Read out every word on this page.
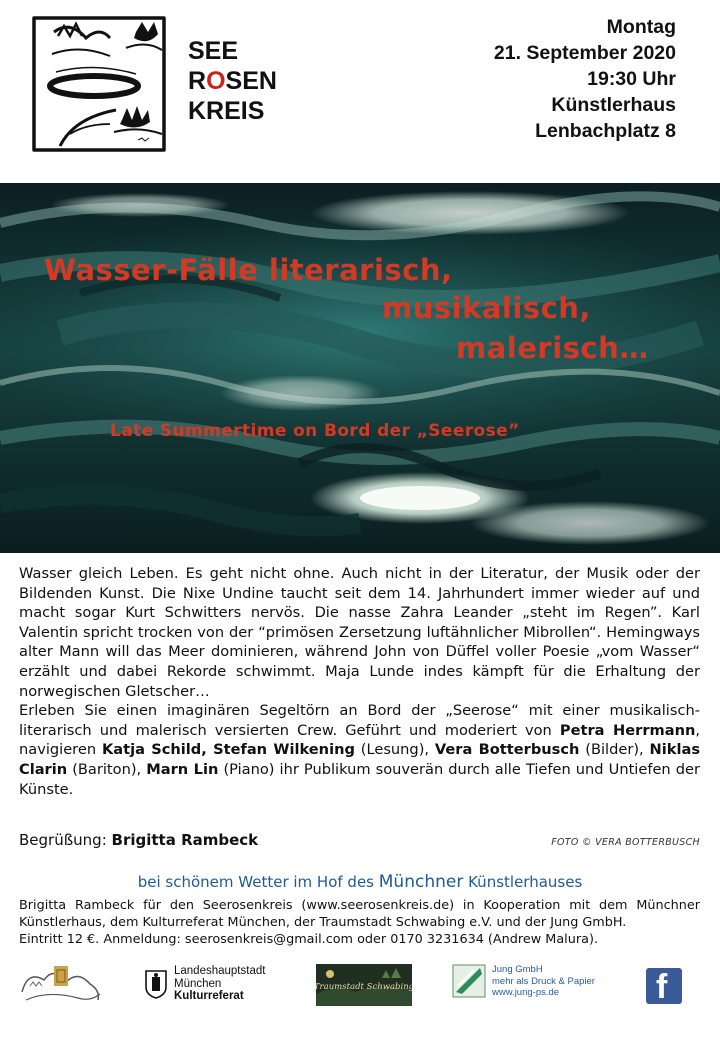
SEE
ROSEN
KREIS
Montag
21. September 2020
19:30 Uhr
Künstlerhaus
Lenbachplatz 8
Wasser-Fälle literarisch,
musikalisch,
malerisch…
Late Summertime on Bord der „Seerose”

Wasser gleich Leben. Es geht nicht ohne. Auch nicht in der Literatur, der Musik oder der Bildenden Kunst. Die Nixe Undine taucht seit dem 14. Jahrhundert immer wieder auf und macht sogar Kurt Schwitters nervös. Die nasse Zahra Leander „steht im Regen”. Karl Valentin spricht trocken von der “primösen Zersetzung luftähnlicher Mibrollen“. Hemingways alter Mann will das Meer dominieren, während John von Düffel voller Poesie „vom Wasser“ erzählt und dabei Rekorde schwimmt. Maja Lunde indes kämpft für die Erhaltung der norwegischen Gletscher…

Erleben Sie einen imaginären Segeltörn an Bord der „Seerose“ mit einer musikalisch-literarisch und malerisch versierten Crew. Geführt und moderiert von Petra Herrmann, navigieren Katja Schild, Stefan Wilkening (Lesung), Vera Botterbusch (Bilder), Niklas Clarin (Bariton), Marn Lin (Piano) ihr Publikum souverän durch alle Tiefen und Untiefen der Künste.

Begrüßung: Brigitta Rambeck	FOTO © VERA BOTTERBUSCH
bei schönem Wetter im Hof des Münchner Künstlerhauses

Brigitta Rambeck für den Seerosenkreis (www.seerosenkreis.de) in Kooperation mit dem Münchner Künstlerhaus, dem Kulturreferat München, der Traumstadt Schwabing e.V. und der Jung GmbH.

Eintritt 12 €. Anmeldung: seerosenkreis@gmail.com oder 0170 3231634 (Andrew Malura).

Landeshauptstadt
München
Kulturreferat
Traumstadt Schwabing
Jung GmbH
mehr als Druck & Papier
www.jung-ps.de	f
